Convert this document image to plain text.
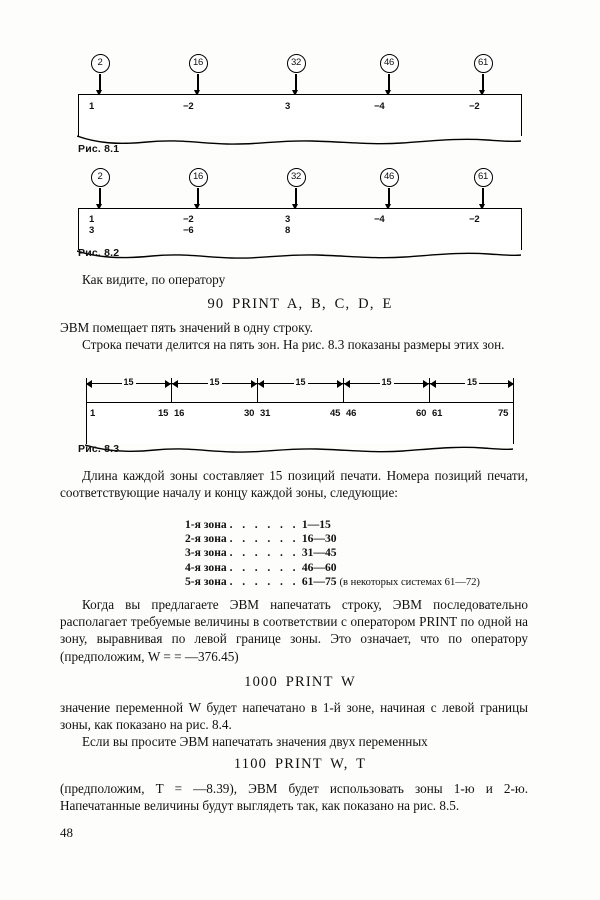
2	16	32	46	61
1	−2	3	−4	−2
Рис. 8.1
2	16	32	46	61
1	−2	3	−4	−2
3	−6	8
Рис. 8.2
Как видите, по оператору
90 PRINT A, B, C, D, E
ЭВМ помещает пять значений в одну строку.
Строка печати делится на пять зон. На рис. 8.3 показаны размеры этих зон.
15	15	15	15	15
1	15 16	30 31	45 46	60 61	75
Рис. 8.3
Длина каждой зоны составляет 15 позиций печати. Номера позиций печати, соответствующие началу и концу каждой зоны, следующие:
1-я зона . . . . . . 1—15
2-я зона . . . . . . 16—30
3-я зона . . . . . . 31—45
4-я зона . . . . . . 46—60
5-я зона . . . . . . 61—75 (в некоторых системах 61—72)
Когда вы предлагаете ЭВМ напечатать строку, ЭВМ последовательно располагает требуемые величины в соответствии с оператором PRINT по одной на зону, выравнивая по левой границе зоны. Это означает, что по оператору (предположим, W = = —376.45)
1000 PRINT W
значение переменной W будет напечатано в 1-й зоне, начиная с левой границы зоны, как показано на рис. 8.4.
Если вы просите ЭВМ напечатать значения двух переменных
1100 PRINT W, T
(предположим, T = —8.39), ЭВМ будет использовать зоны 1-ю и 2-ю. Напечатанные величины будут выглядеть так, как показано на рис. 8.5.
48
